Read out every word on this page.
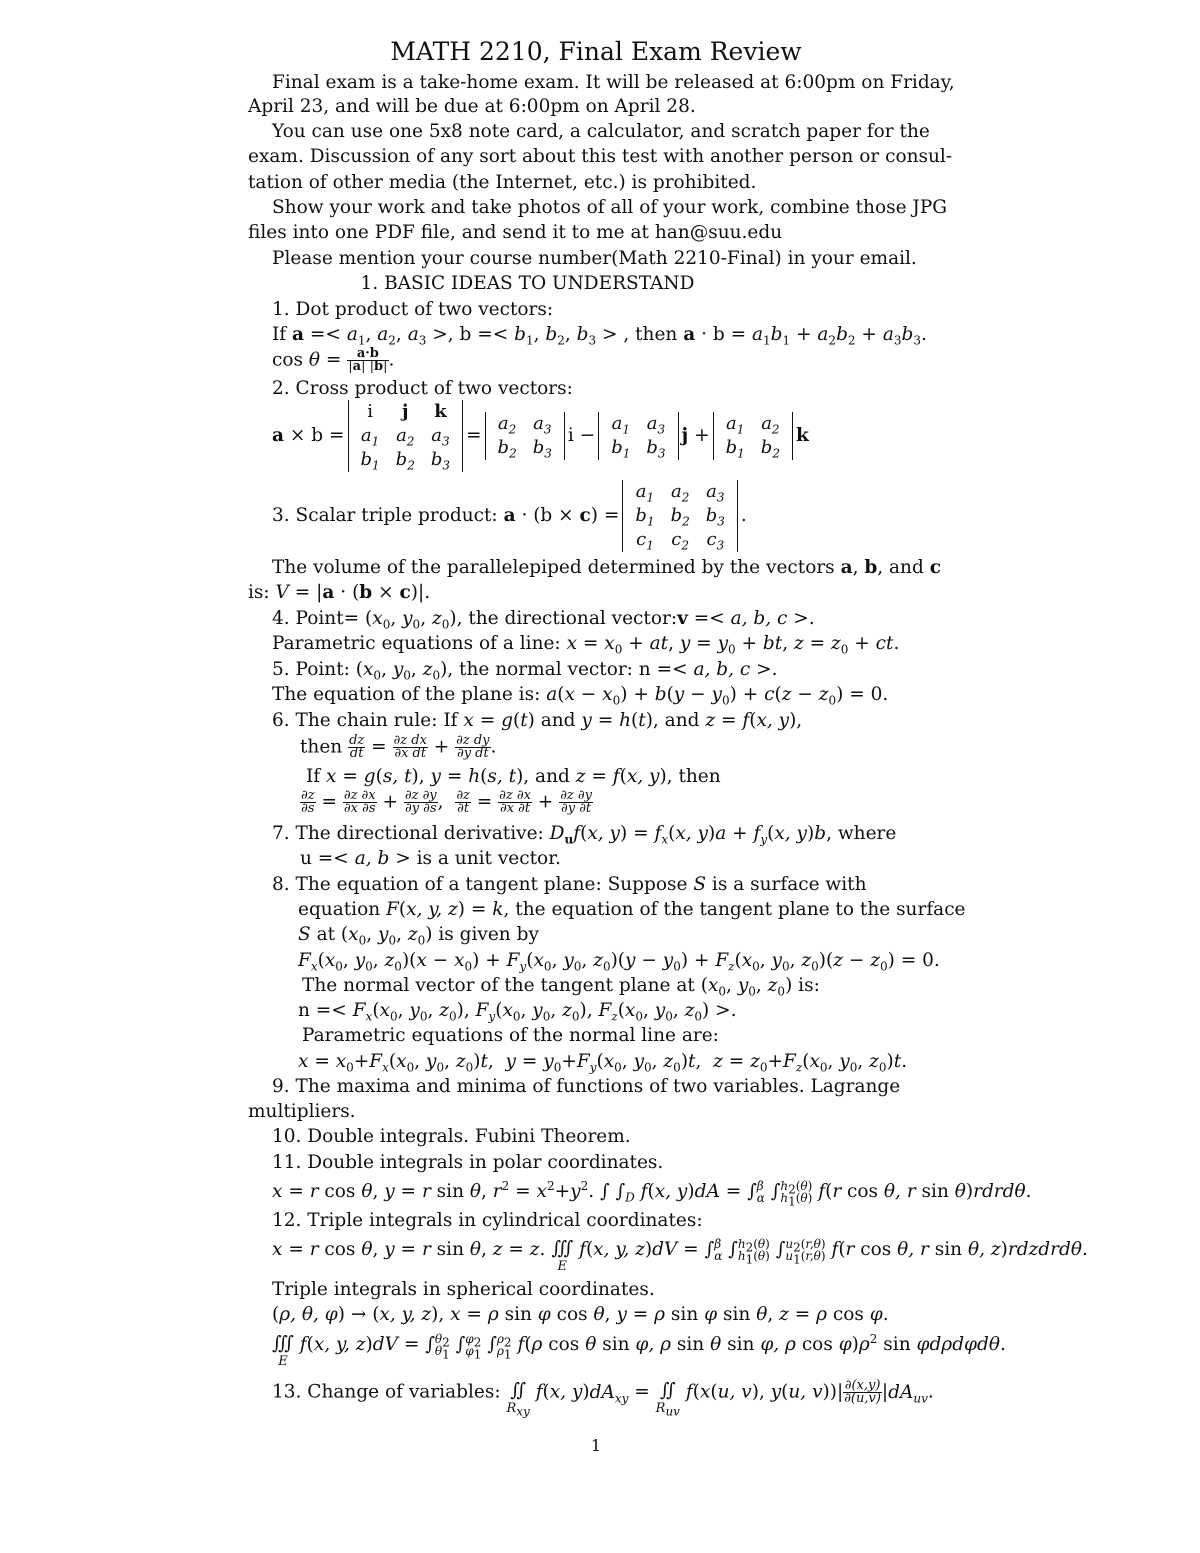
MATH 2210, Final Exam Review
Final exam is a take-home exam. It will be released at 6:00pm on Friday,
April 23, and will be due at 6:00pm on April 28.
You can use one 5x8 note card, a calculator, and scratch paper for the
exam. Discussion of any sort about this test with another person or consul-
tation of other media (the Internet, etc.) is prohibited.
Show your work and take photos of all of your work, combine those JPG
files into one PDF file, and send it to me at han@suu.edu
Please mention your course number(Math 2210-Final) in your email.
1. BASIC IDEAS TO UNDERSTAND
1. Dot product of two vectors:
If $a =< a_1$, $a_2$, $a_3$ >, $b =< b_1$, $b_2$, $b_3$ > , then $a \cdot b = a_1b_1 + a_2b_2 + a_3b_3$.
$\cos \theta = \frac{a\cdot b}{|a| |b|}$ .
2. Cross product of two vectors:
a × b =
i	j	k
$a_1$	$a_2$	$a_3$
$b_1$	$b_2$	$b_3$
=
$a_2$	$a_3$
$b_2$	$b_3$
i −
$a_1$	$a_3$
$b_1$	$b_3$
j +
$a_1$	$a_2$
$b_1$	$b_2$
k
3. Scalar triple product: a · (b × c) =
$a_1$	$a_2$	$a_3$
$b_1$	$b_2$	$b_3$
$c_1$	$c_2$	$c_3$
.
The volume of the parallelepiped determined by the vectors a, b, and c
is: V = |a · (b × c)|.
4. Point= ($x_0$, $y_0$, $z_0$), the directional vector:v =< a, b, c >.
Parametric equations of a line: $x = x_0$ + at, $y = y_0$ + bt, $z = z_0$ + ct.
5. Point: ($x_0$, $y_0$, $z_0$), the normal vector: n =< a, b, c >.
The equation of the plane is: $a(x - x_0) + b(y - y_0) + c(z - z_0) = 0$.
6. The chain rule: If x = g(t) and y = h(t), and z = f(x, y),
then $\frac{dz}{dt} = \frac{\text{∂z dx}}{\text{∂x dt}} + \frac{\text{∂z dy}}{\text{∂y dt}}$ .
If x = g(s, t), y = h(s, t), and z = f(x, y), then
$\frac{\partial z}{\partial s} = \frac{\partial z \partial x}{\partial x \partial s} + \frac{\partial z \partial y}{\partial y \partial s}$ , $\frac{\partial z}{\partial t} = \frac{\partial z \partial x}{\partial x \partial t} + \frac{\partial z \partial y}{\partial y \partial t}$
7. The directional derivative: $D_uf(x$, $y) = f_x(x$, $y)a + f_y(x$, y)b, where
u =< a, b > is a unit vector.
8. The equation of a tangent plane: Suppose S is a surface with
equation F(x, y, z) = k, the equation of the tangent plane to the surface
S at ($x_0$, $y_0$, $z_0$) is given by
$F_x(x_0$, $y_0$, $z_0)(x - x_0) + F_y(x_0$, $y_0$, $z_0)(y - y_0) + F_z(x_0$, $y_0$, $z_0)(z - z_0) = 0$.
The normal vector of the tangent plane at ($x_0$, $y_0$, $z_0$) is:
$n =< F_x(x_0$, $y_0$, $z_0$), $F_y(x_0$, $y_0$, $z_0$), $F_z(x_0$, $y_0$, $z_0$) >.
Parametric equations of the normal line are:
$x = x_0+F_x(x_0$, $y_0$, $z_0)t$,  $y = y_0+F_y(x_0$, $y_0$, $z_0)t$,  $z = z_0+F_z(x_0$, $y_0$, $z_0)t$.
9. The maxima and minima of functions of two variables. Lagrange
multipliers.
10. Double integrals. Fubini Theorem.
11. Double integrals in polar coordinates.
x = r cos θ, y = r sin θ, $r^2 = x^2+y^2$. ∫ $\int_D$ f(x, y)dA = ∫β
α $\int h_2(\theta)$
$h_1(\theta)$ f(r cos θ, r sin θ)rdrdθ.
12. Triple integrals in cylindrical coordinates:
x = r cos θ, y = r sin θ, z = z. ∭
E
f(x, y, z)dV = ∫β
α $\int h_2(\theta)$
$h_1(\theta)$ $\int u_2(r,\theta)$
$u_1(r,\theta)$ f(r cos θ, r sin θ, z)rdzdrdθ.
Triple integrals in spherical coordinates.
(ρ, θ, φ) → (x, y, z), x = ρ sin φ cos θ, y = ρ sin φ sin θ, z = ρ cos φ.
∭
E
f(x, y, $z)dV = \int\theta_2$
$\theta_1$ $\int\varphi_2$
$\varphi_1$ $\int\rho_2$
$\rho_1$ f(ρ cos θ sin φ, ρ sin θ sin φ, ρ $\cos \varphi)\rho^2$ sin φdρdφdθ.
13. Change of variables: ∬
$R_{xy}$
f(x, $y)dA_{xy}$ = ∬
$R_{uv}$
f(x(u, v), y(u, $v))| \frac{\partial(x,y)}{\partial(u,v)} |dA_{uv}$.
1
